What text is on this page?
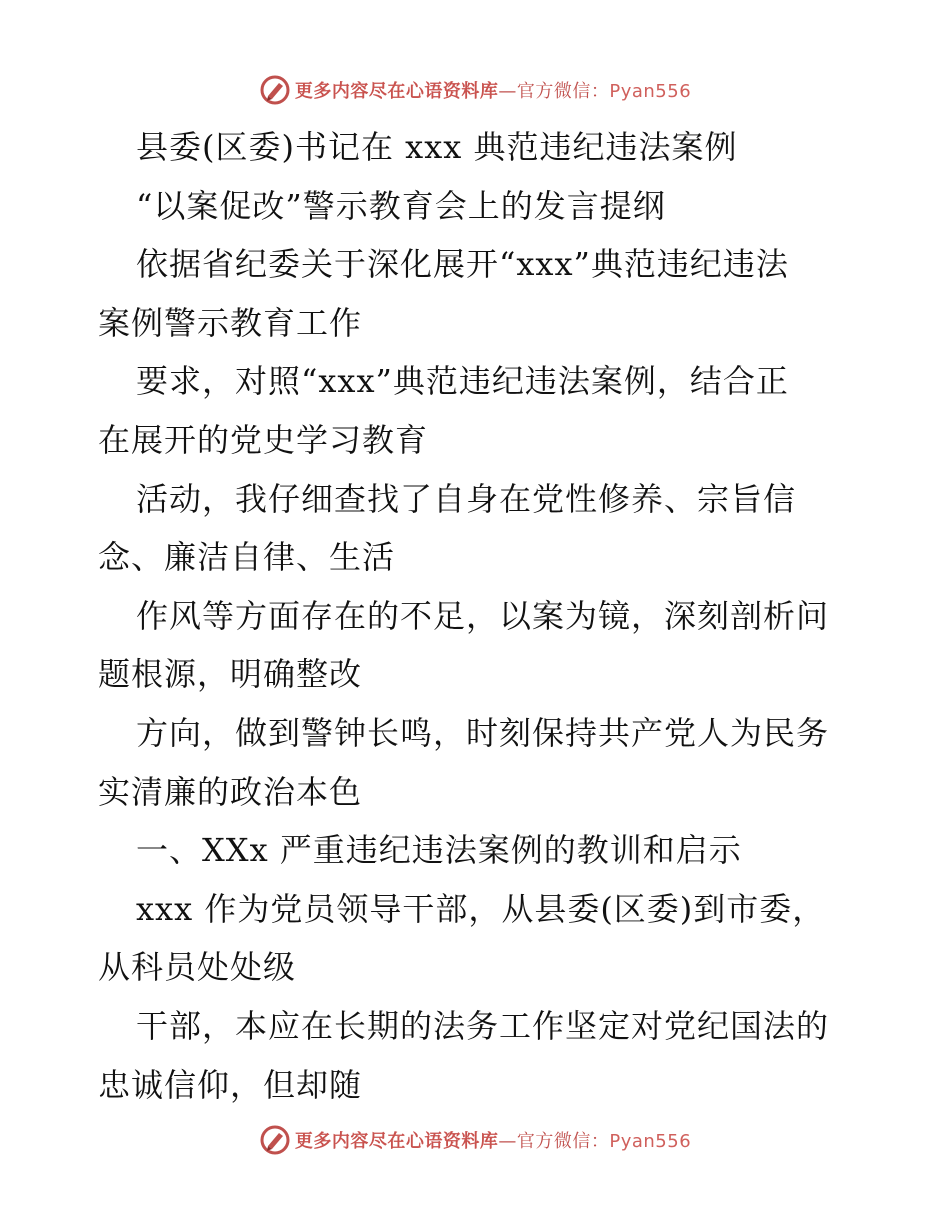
更多内容尽在心语资料库—官方微信：Pyan556
县委(区委)书记在 xxx 典范违纪违法案例
“以案促改”警示教育会上的发言提纲
依据省纪委关于深化展开“xxx”典范违纪违法
案例警示教育工作
要求，对照“xxx”典范违纪违法案例，结合正
在展开的党史学习教育
活动，我仔细查找了自身在党性修养、宗旨信
念、廉洁自律、生活
作风等方面存在的不足，以案为镜，深刻剖析问
题根源，明确整改
方向，做到警钟长鸣，时刻保持共产党人为民务
实清廉的政治本色
一、XXx 严重违纪违法案例的教训和启示
xxx 作为党员领导干部，从县委(区委)到市委，
从科员处处级
干部，本应在长期的法务工作坚定对党纪国法的
忠诚信仰，但却随
更多内容尽在心语资料库—官方微信：Pyan556
